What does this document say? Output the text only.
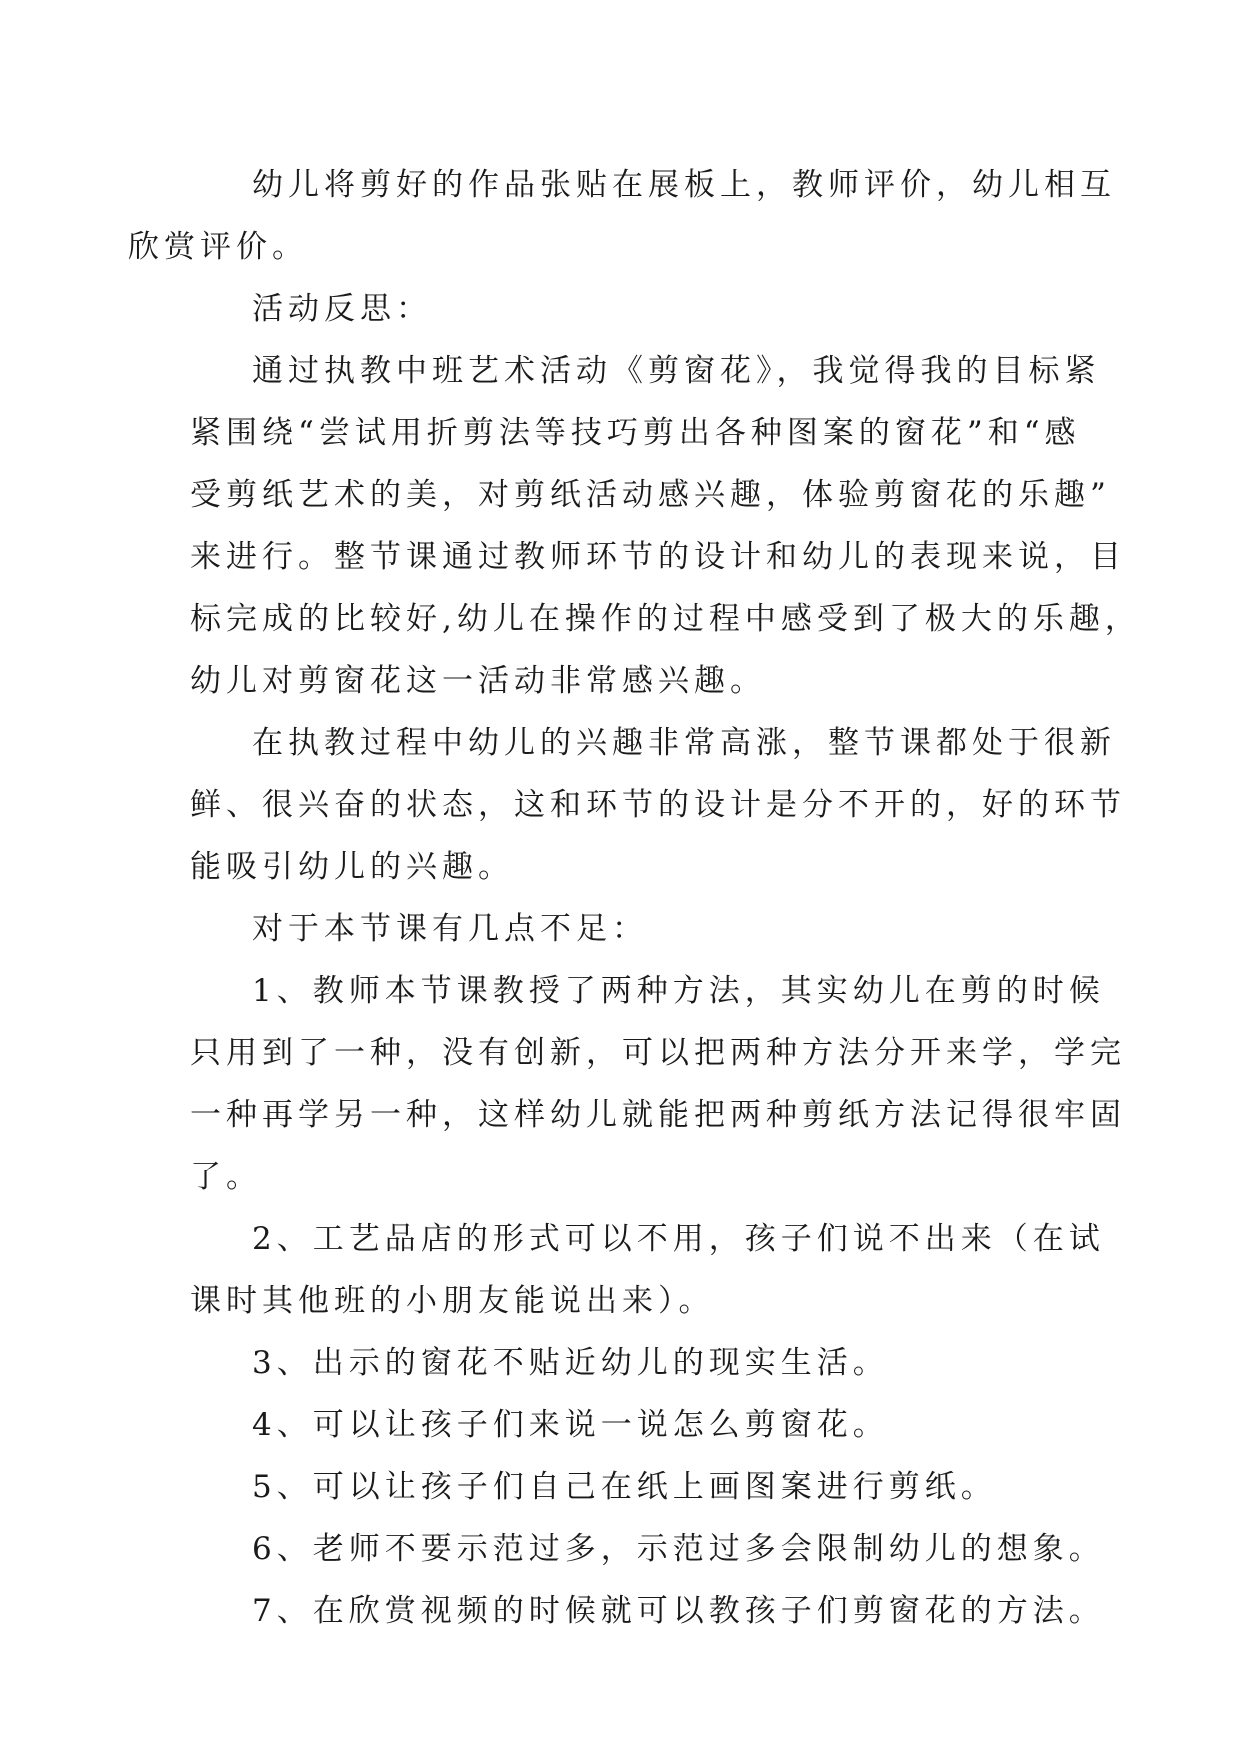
幼儿将剪好的作品张贴在展板上，教师评价，幼儿相互
欣赏评价。

活动反思：

通过执教中班艺术活动《剪窗花》，我觉得我的目标紧
紧围绕“尝试用折剪法等技巧剪出各种图案的窗花”和“感
受剪纸艺术的美，对剪纸活动感兴趣，体验剪窗花的乐趣”
来进行。整节课通过教师环节的设计和幼儿的表现来说，目
标完成的比较好,幼儿在操作的过程中感受到了极大的乐趣，
幼儿对剪窗花这一活动非常感兴趣。

在执教过程中幼儿的兴趣非常高涨，整节课都处于很新
鲜、很兴奋的状态，这和环节的设计是分不开的，好的环节
能吸引幼儿的兴趣。

对于本节课有几点不足：

1、教师本节课教授了两种方法，其实幼儿在剪的时候
只用到了一种，没有创新，可以把两种方法分开来学，学完
一种再学另一种，这样幼儿就能把两种剪纸方法记得很牢固
了。

2、工艺品店的形式可以不用，孩子们说不出来（在试
课时其他班的小朋友能说出来）。

3、出示的窗花不贴近幼儿的现实生活。

4、可以让孩子们来说一说怎么剪窗花。

5、可以让孩子们自己在纸上画图案进行剪纸。

6、老师不要示范过多，示范过多会限制幼儿的想象。

7、在欣赏视频的时候就可以教孩子们剪窗花的方法。
